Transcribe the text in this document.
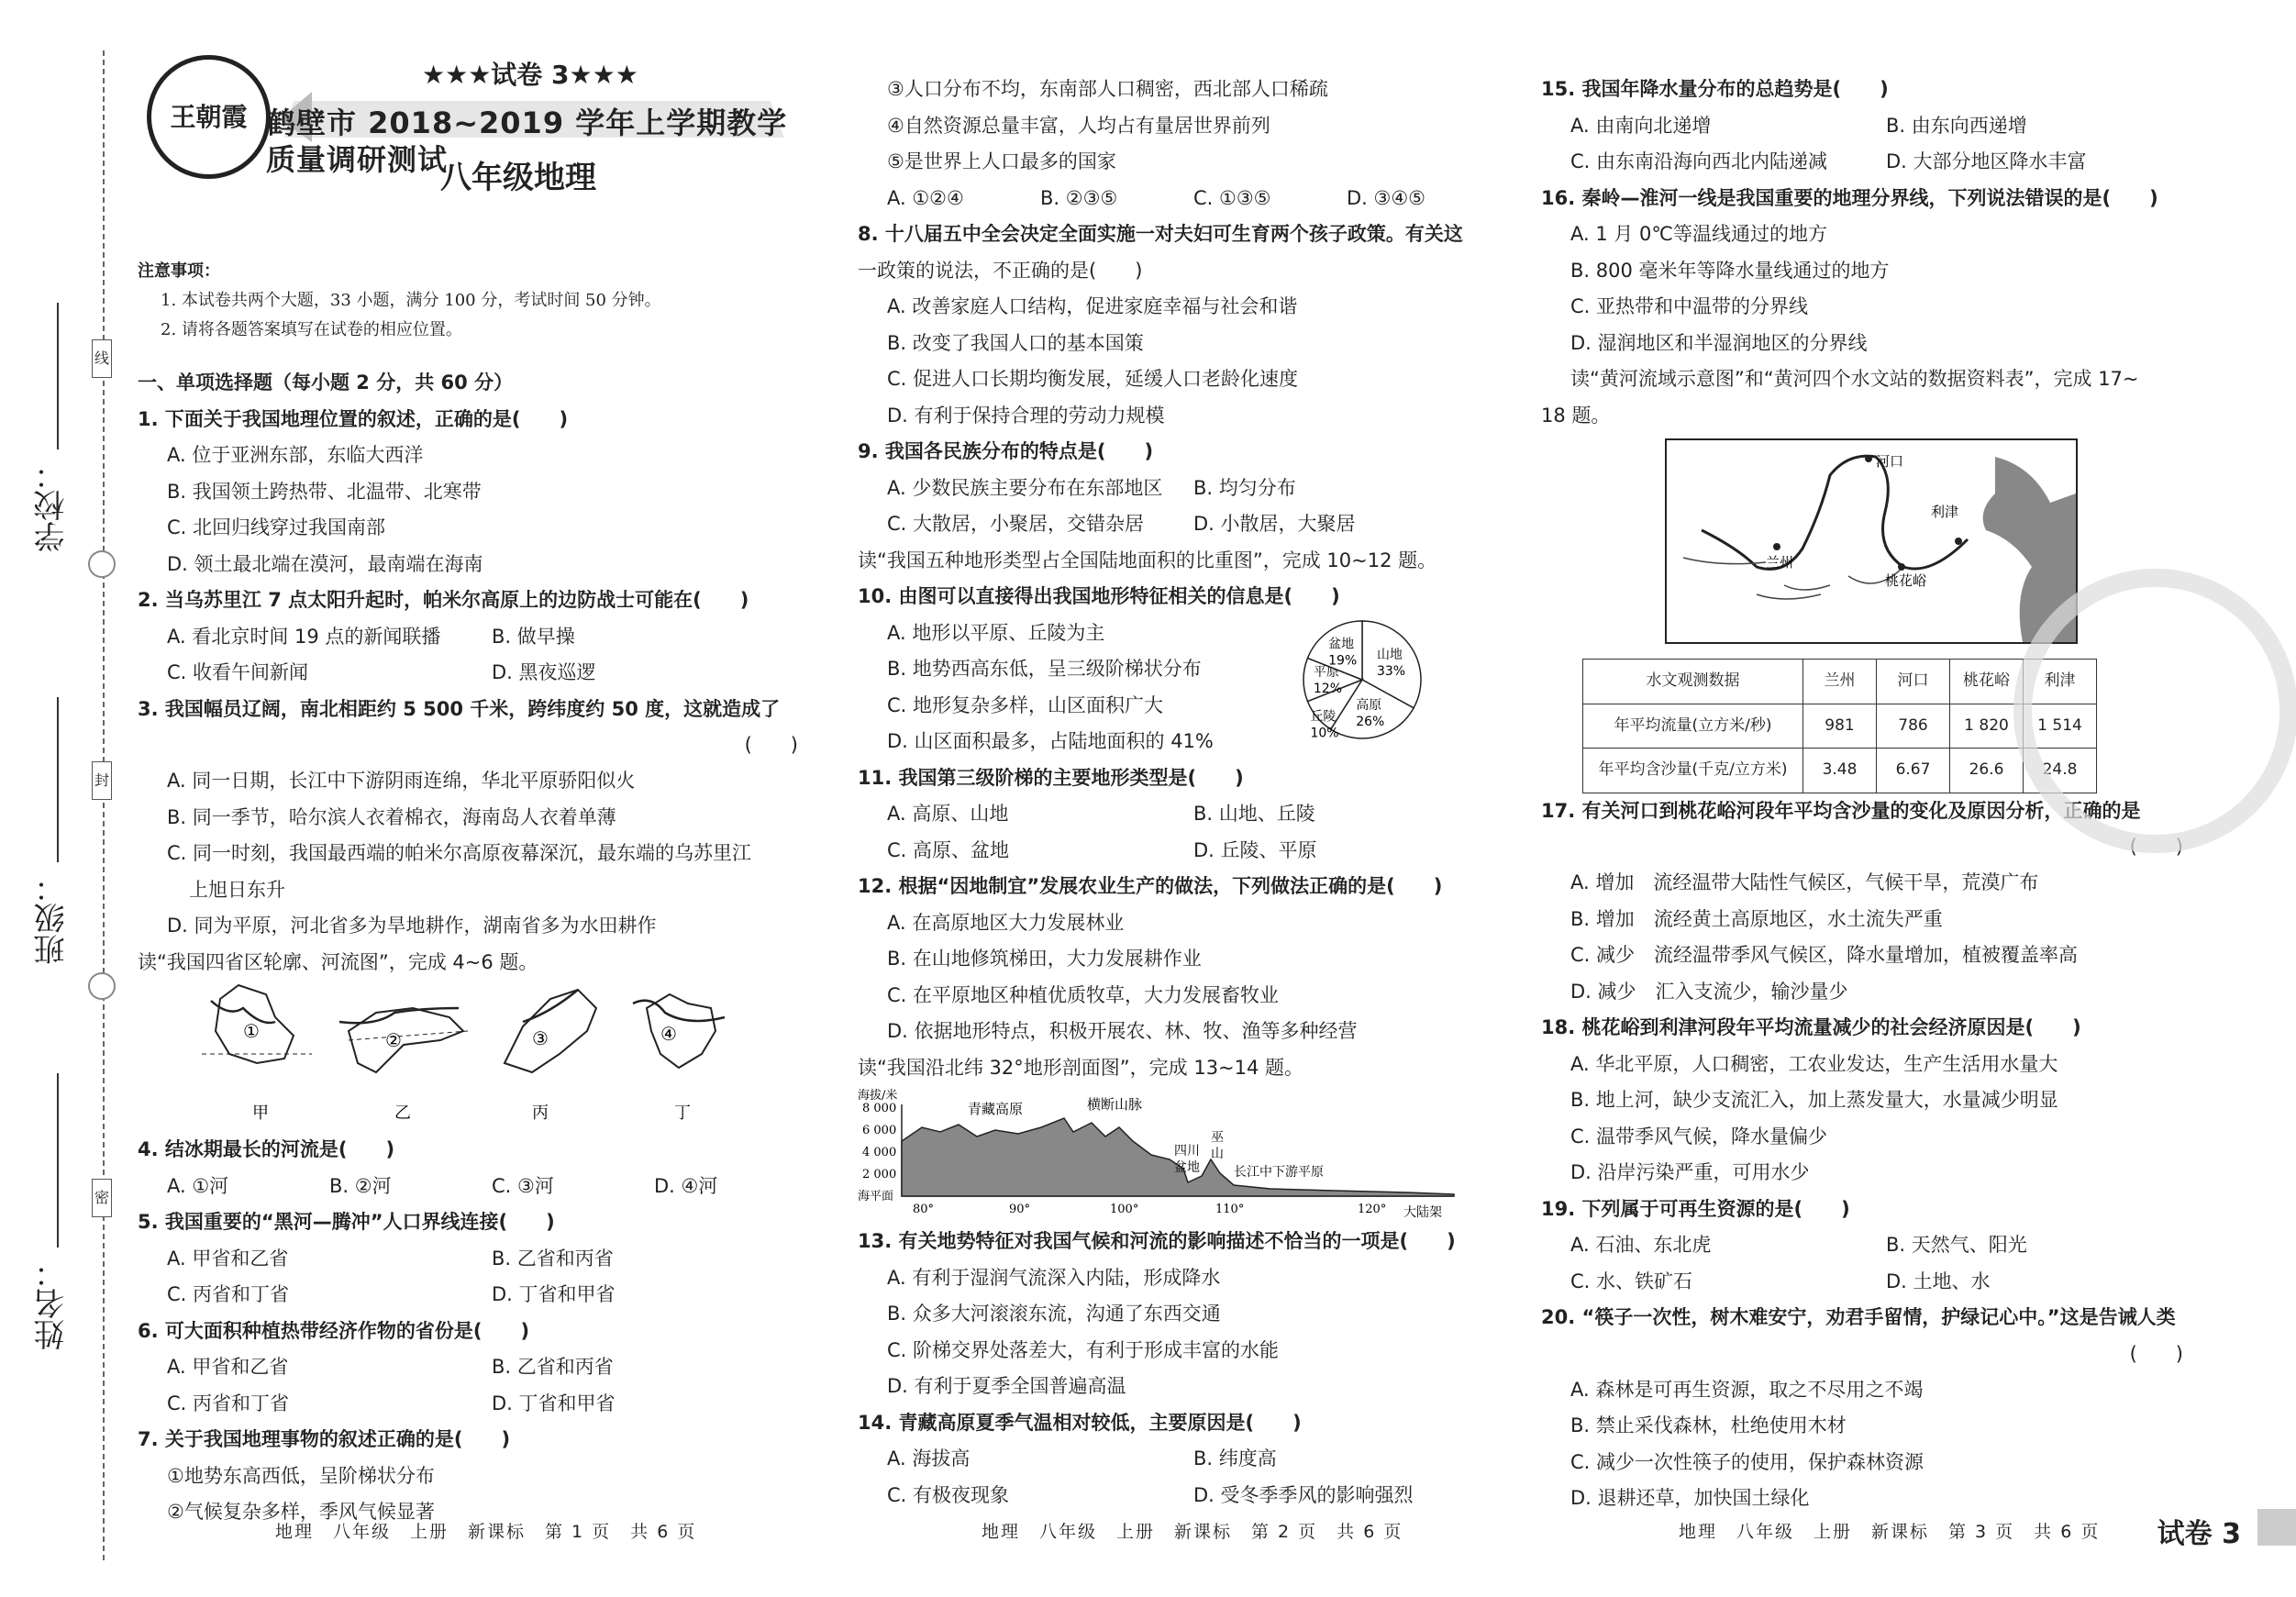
学校：
班级：
姓名：
线
封
密
王朝霞
★★★试卷 3★★★
鹤壁市 2018~2019 学年上学期教学质量调研测试
八年级地理
注意事项：
1. 本试卷共两个大题，33 小题，满分 100 分，考试时间 50 分钟。
2. 请将各题答案填写在试卷的相应位置。
一、单项选择题（每小题 2 分，共 60 分）
1. 下面关于我国地理位置的叙述，正确的是(　　)
A. 位于亚洲东部，东临大西洋
B. 我国领土跨热带、北温带、北寒带
C. 北回归线穿过我国南部
D. 领土最北端在漠河，最南端在海南
2. 当乌苏里江 7 点太阳升起时，帕米尔高原上的边防战士可能在(　　)
A. 看北京时间 19 点的新闻联播	B. 做早操
C. 收看午间新闻	D. 黑夜巡逻
3. 我国幅员辽阔，南北相距约 5 500 千米，跨纬度约 50 度，这就造成了
(　　)
A. 同一日期，长江中下游阴雨连绵，华北平原骄阳似火
B. 同一季节，哈尔滨人衣着棉衣，海南岛人衣着单薄
C. 同一时刻，我国最西端的帕米尔高原夜幕深沉，最东端的乌苏里江
上旭日东升
D. 同为平原，河北省多为旱地耕作，湖南省多为水田耕作
读“我国四省区轮廓、河流图”，完成 4~6 题。
①	②	③	④
甲	乙	丙	丁
4. 结冰期最长的河流是(　　)
A. ①河	B. ②河	C. ③河	D. ④河
5. 我国重要的“黑河—腾冲”人口界线连接(　　)
A. 甲省和乙省	B. 乙省和丙省
C. 丙省和丁省	D. 丁省和甲省
6. 可大面积种植热带经济作物的省份是(　　)
A. 甲省和乙省	B. 乙省和丙省
C. 丙省和丁省	D. 丁省和甲省
7. 关于我国地理事物的叙述正确的是(　　)
①地势东高西低，呈阶梯状分布
②气候复杂多样，季风气候显著
③人口分布不均，东南部人口稠密，西北部人口稀疏
④自然资源总量丰富，人均占有量居世界前列
⑤是世界上人口最多的国家
A. ①②④	B. ②③⑤	C. ①③⑤	D. ③④⑤
8. 十八届五中全会决定全面实施一对夫妇可生育两个孩子政策。有关这
一政策的说法，不正确的是(　　)
A. 改善家庭人口结构，促进家庭幸福与社会和谐
B. 改变了我国人口的基本国策
C. 促进人口长期均衡发展，延缓人口老龄化速度
D. 有利于保持合理的劳动力规模
9. 我国各民族分布的特点是(　　)
A. 少数民族主要分布在东部地区	B. 均匀分布
C. 大散居，小聚居，交错杂居	D. 小散居，大聚居
读“我国五种地形类型占全国陆地面积的比重图”，完成 10~12 题。
10. 由图可以直接得出我国地形特征相关的信息是(　　)
A. 地形以平原、丘陵为主
B. 地势西高东低，呈三级阶梯状分布
C. 地形复杂多样，山区面积广大
D. 山区面积最多，占陆地面积的 41%
山地
33%
高原
26%
丘陵
10%
平原
12%
盆地
19%
11. 我国第三级阶梯的主要地形类型是(　　)
A. 高原、山地	B. 山地、丘陵
C. 高原、盆地	D. 丘陵、平原
12. 根据“因地制宜”发展农业生产的做法，下列做法正确的是(　　)
A. 在高原地区大力发展林业
B. 在山地修筑梯田，大力发展耕作业
C. 在平原地区种植优质牧草，大力发展畜牧业
D. 依据地形特点，积极开展农、林、牧、渔等多种经营
读“我国沿北纬 32°地形剖面图”，完成 13~14 题。
海拔/米
8 000
6 000
4 000
2 000
海平面
80°	90°	100°	110°	120°
青藏高原	横断山脉
四川
盆地
巫
山
长江中下游平原
大陆架
13. 有关地势特征对我国气候和河流的影响描述不恰当的一项是(　　)
A. 有利于湿润气流深入内陆，形成降水
B. 众多大河滚滚东流，沟通了东西交通
C. 阶梯交界处落差大，有利于形成丰富的水能
D. 有利于夏季全国普遍高温
14. 青藏高原夏季气温相对较低，主要原因是(　　)
A. 海拔高	B. 纬度高
C. 有极夜现象	D. 受冬季季风的影响强烈
15. 我国年降水量分布的总趋势是(　　)
A. 由南向北递增	B. 由东向西递增
C. 由东南沿海向西北内陆递减	D. 大部分地区降水丰富
16. 秦岭—淮河一线是我国重要的地理分界线，下列说法错误的是(　　)
A. 1 月 0℃等温线通过的地方
B. 800 毫米年等降水量线通过的地方
C. 亚热带和中温带的分界线
D. 湿润地区和半湿润地区的分界线
读“黄河流域示意图”和“黄河四个水文站的数据资料表”，完成 17~
18 题。
河口
利津
兰州
桃花峪
水文观测数据	兰州	河口	桃花峪	利津
年平均流量(立方米/秒)	981	786	1 820	1 514
年平均含沙量(千克/立方米)	3.48	6.67	26.6	24.8
17. 有关河口到桃花峪河段年平均含沙量的变化及原因分析，正确的是
(　　)
A. 增加　流经温带大陆性气候区，气候干旱，荒漠广布
B. 增加　流经黄土高原地区，水土流失严重
C. 减少　流经温带季风气候区，降水量增加，植被覆盖率高
D. 减少　汇入支流少，输沙量少
18. 桃花峪到利津河段年平均流量减少的社会经济原因是(　　)
A. 华北平原，人口稠密，工农业发达，生产生活用水量大
B. 地上河，缺少支流汇入，加上蒸发量大，水量减少明显
C. 温带季风气候，降水量偏少
D. 沿岸污染严重，可用水少
19. 下列属于可再生资源的是(　　)
A. 石油、东北虎	B. 天然气、阳光
C. 水、铁矿石	D. 土地、水
20. “筷子一次性，树木难安宁，劝君手留情，护绿记心中。”这是告诫人类
(　　)
A. 森林是可再生资源，取之不尽用之不竭
B. 禁止采伐森林，杜绝使用木材
C. 减少一次性筷子的使用，保护森林资源
D. 退耕还草，加快国土绿化
地理　八年级　上册　新课标　第 1 页　共 6 页	地理　八年级　上册　新课标　第 2 页　共 6 页	地理　八年级　上册　新课标　第 3 页　共 6 页 试卷 3
